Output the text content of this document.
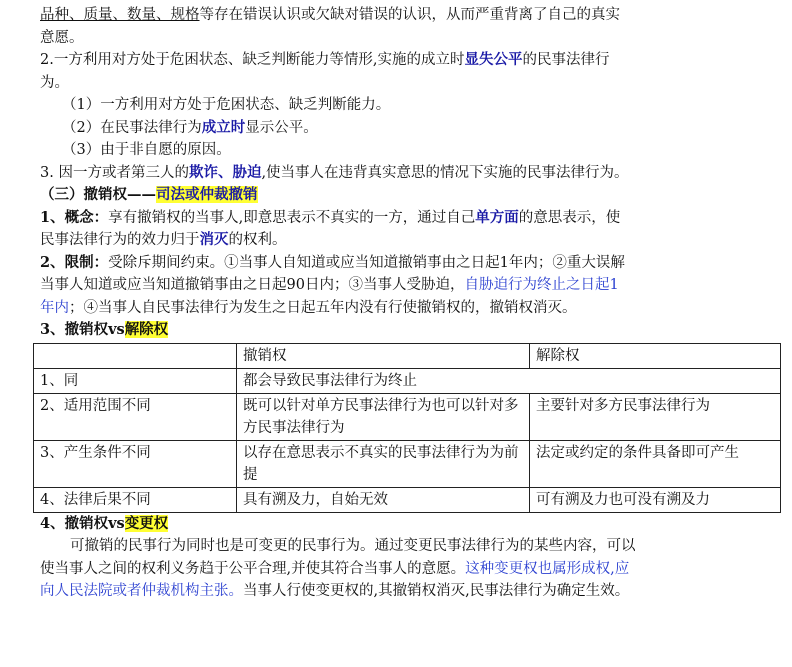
品种、质量、数量、规格等存在错误认识或欠缺对错误的认识，从而严重背离了自己的真实
意愿。
2.一方利用对方处于危困状态、缺乏判断能力等情形,实施的成立时显失公平的民事法律行
为。
（1）一方利用对方处于危困状态、缺乏判断能力。
（2）在民事法律行为成立时显示公平。
（3）由于非自愿的原因。
3. 因一方或者第三人的欺诈、胁迫,使当事人在违背真实意思的情况下实施的民事法律行为。
（三）撤销权——司法或仲裁撤销
1、概念：享有撤销权的当事人,即意思表示不真实的一方，通过自己单方面的意思表示，使
民事法律行为的效力归于消灭的权利。
2、限制：受除斥期间约束。①当事人自知道或应当知道撤销事由之日起1年内；②重大误解
当事人知道或应当知道撤销事由之日起90日内；③当事人受胁迫，自胁迫行为终止之日起1
年内；④当事人自民事法律行为发生之日起五年内没有行使撤销权的，撤销权消灭。
3、撤销权vs解除权
	撤销权	解除权
1、同	都会导致民事法律行为终止	
2、适用范围不同	既可以针对单方民事法律行为也可以针对多方民事法律行为	主要针对多方民事法律行为
3、产生条件不同	以存在意思表示不真实的民事法律行为为前提	法定或约定的条件具备即可产生
4、法律后果不同	具有溯及力，自始无效	可有溯及力也可没有溯及力
4、撤销权vs变更权
可撤销的民事行为同时也是可变更的民事行为。通过变更民事法律行为的某些内容，可以使当事人之间的权利义务趋于公平合理,并使其符合当事人的意愿。这种变更权也属形成权,应向人民法院或者仲裁机构主张。当事人行使变更权的,其撤销权消灭,民事法律行为确定生效。
